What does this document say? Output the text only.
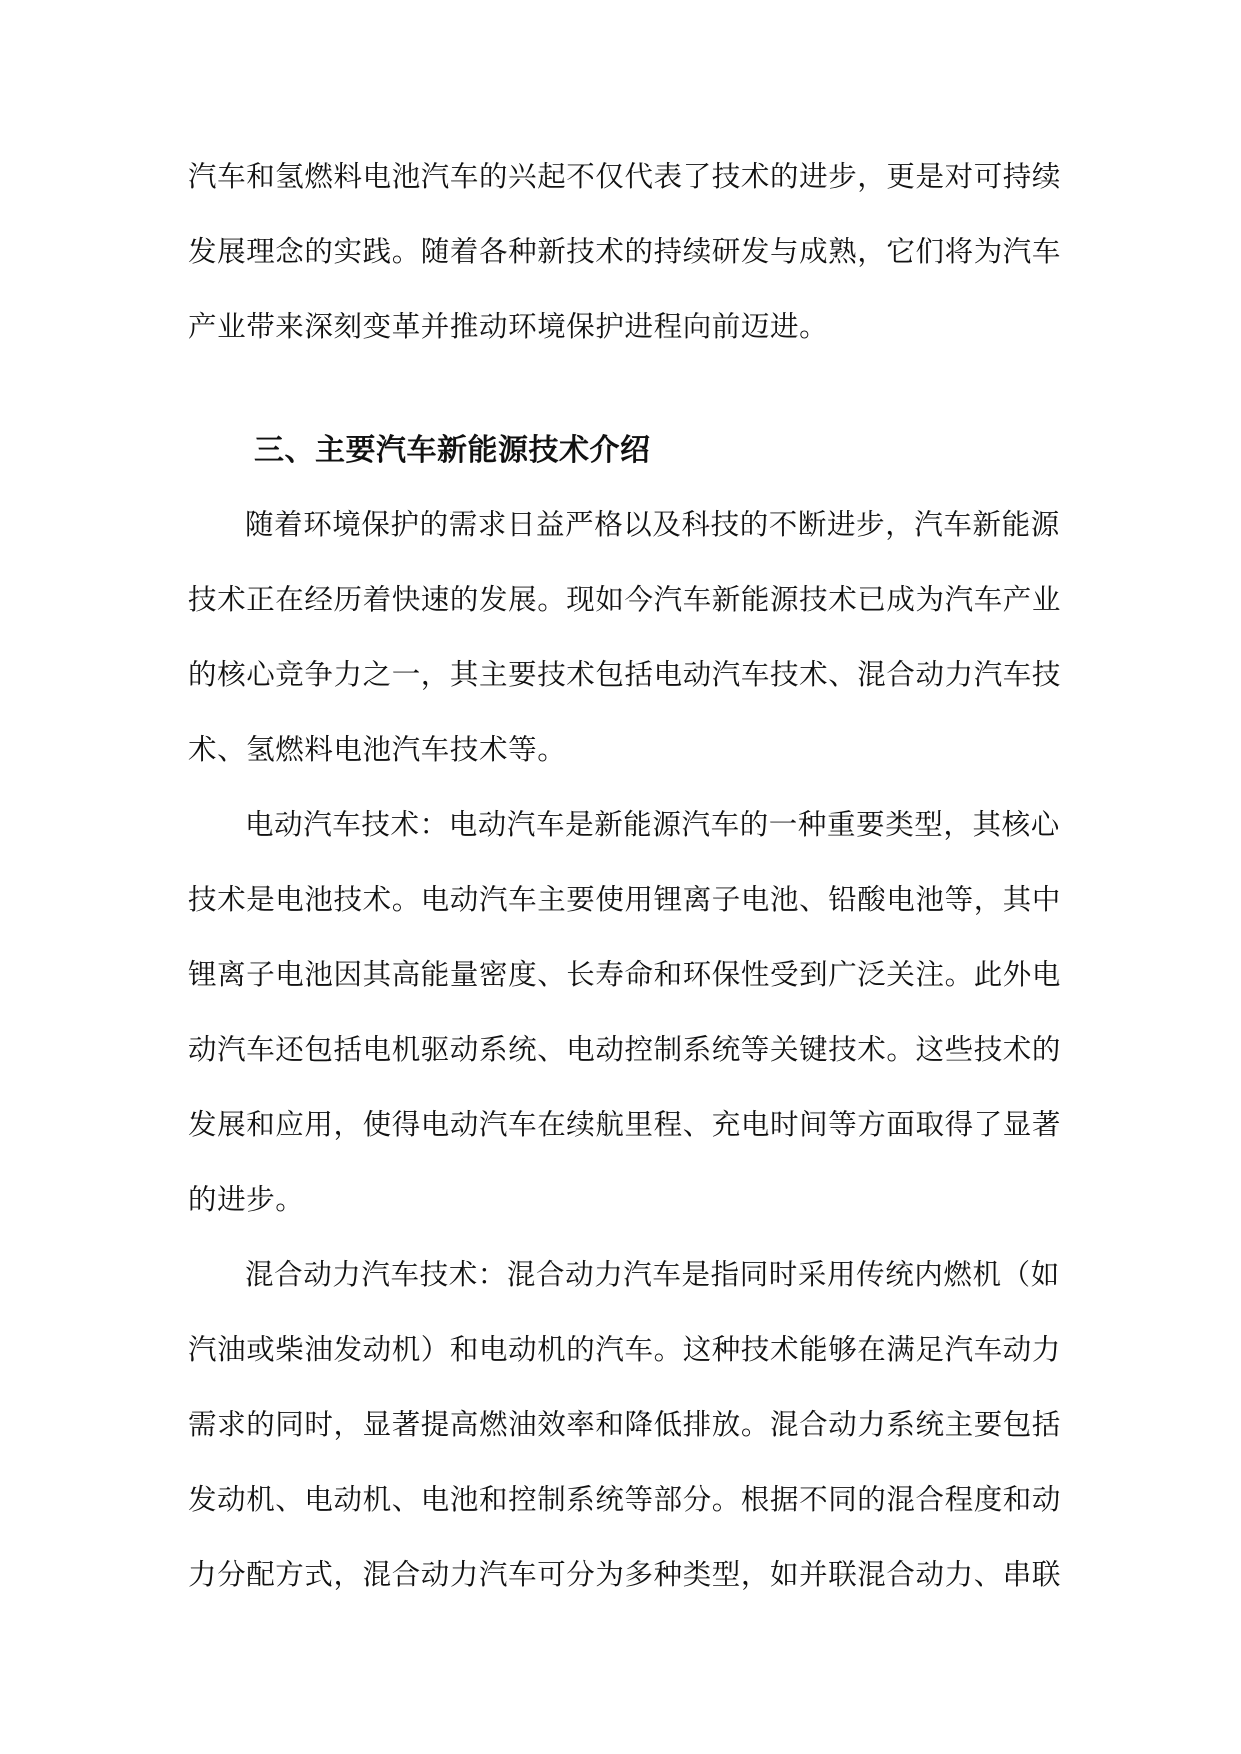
汽车和氢燃料电池汽车的兴起不仅代表了技术的进步，更是对可持续
发展理念的实践。随着各种新技术的持续研发与成熟，它们将为汽车
产业带来深刻变革并推动环境保护进程向前迈进。
三、主要汽车新能源技术介绍
随着环境保护的需求日益严格以及科技的不断进步，汽车新能源
技术正在经历着快速的发展。现如今汽车新能源技术已成为汽车产业
的核心竞争力之一，其主要技术包括电动汽车技术、混合动力汽车技
术、氢燃料电池汽车技术等。
电动汽车技术：电动汽车是新能源汽车的一种重要类型，其核心
技术是电池技术。电动汽车主要使用锂离子电池、铅酸电池等，其中
锂离子电池因其高能量密度、长寿命和环保性受到广泛关注。此外电
动汽车还包括电机驱动系统、电动控制系统等关键技术。这些技术的
发展和应用，使得电动汽车在续航里程、充电时间等方面取得了显著
的进步。
混合动力汽车技术：混合动力汽车是指同时采用传统内燃机（如
汽油或柴油发动机）和电动机的汽车。这种技术能够在满足汽车动力
需求的同时，显著提高燃油效率和降低排放。混合动力系统主要包括
发动机、电动机、电池和控制系统等部分。根据不同的混合程度和动
力分配方式，混合动力汽车可分为多种类型，如并联混合动力、串联
